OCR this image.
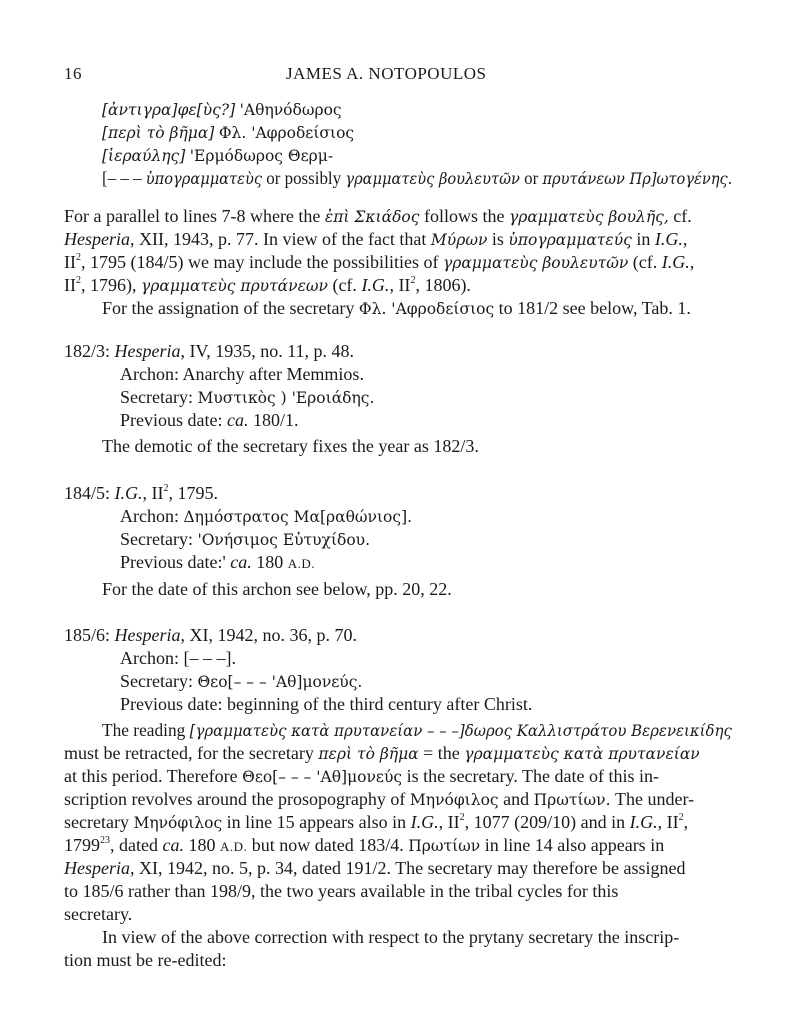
16	JAMES A. NOTOPOULOS
[ἀντιγρα]φε[ὺς?] 'Αθηνόδωρος
[περὶ τὸ βῆμα] Φλ. 'Αφροδείσιος
[ἱεραύλης] 'Ερμόδωρος Θερμ-
[– – – ὑπογραμματεὺς or possibly γραμματεὺς βουλευτῶν or πρυτάνεων Πρ]ωτογένης.
For a parallel to lines 7-8 where the ἐπὶ Σκιάδος follows the γραμματεὺς βουλῆς, cf.
Hesperia, XII, 1943, p. 77. In view of the fact that Μύρων is ὑπογραμματεύς in I.G.,
$II^2$, 1795 (184/5) we may include the possibilities of γραμματεὺς βουλευτῶν (cf. I.G.,
$II^2$, 1796), γραμματεὺς πρυτάνεων (cf. I.G., $II^2$, 1806).
For the assignation of the secretary Φλ. 'Αφροδείσιος to 181/2 see below, Tab. 1.
182/3: Hesperia, IV, 1935, no. 11, p. 48.
Archon: Anarchy after Memmios.
Secretary: Μυστικὸς ) 'Εροιάδης.
Previous date: ca. 180/1.
The demotic of the secretary fixes the year as 182/3.
184/5: I.G., $II^2$, 1795.
Archon: Δημόστρατος Μα[ραθώνιος].
Secretary: 'Ονήσιμος Εὐτυχίδου.
Previous date:' ca. 180 A.D.
For the date of this archon see below, pp. 20, 22.
185/6: Hesperia, XI, 1942, no. 36, p. 70.
Archon: [– – –].
Secretary: Θεο[– – – 'Αθ]μονεύς.
Previous date: beginning of the third century after Christ.
The reading [γραμματεὺς κατὰ πρυτανείαν – – –]δωρος Καλλιστράτου Βερενεικίδης
must be retracted, for the secretary περὶ τὸ βῆμα = the γραμματεὺς κατὰ πρυτανείαν
at this period. Therefore Θεο[– – – 'Αθ]μονεύς is the secretary. The date of this in-
scription revolves around the prosopography of Μηνόφιλος and Πρωτίων. The under-
secretary Μηνόφιλος in line 15 appears also in I.G., $II^2$, 1077 (209/10) and in I.G., $II^2$,
1799$^{23}$, dated ca. 180 A.D. but now dated 183/4. Πρωτίων in line 14 also appears in
Hesperia, XI, 1942, no. 5, p. 34, dated 191/2. The secretary may therefore be assigned
to 185/6 rather than 198/9, the two years available in the tribal cycles for this
secretary.
In view of the above correction with respect to the prytany secretary the inscrip-
tion must be re-edited:
